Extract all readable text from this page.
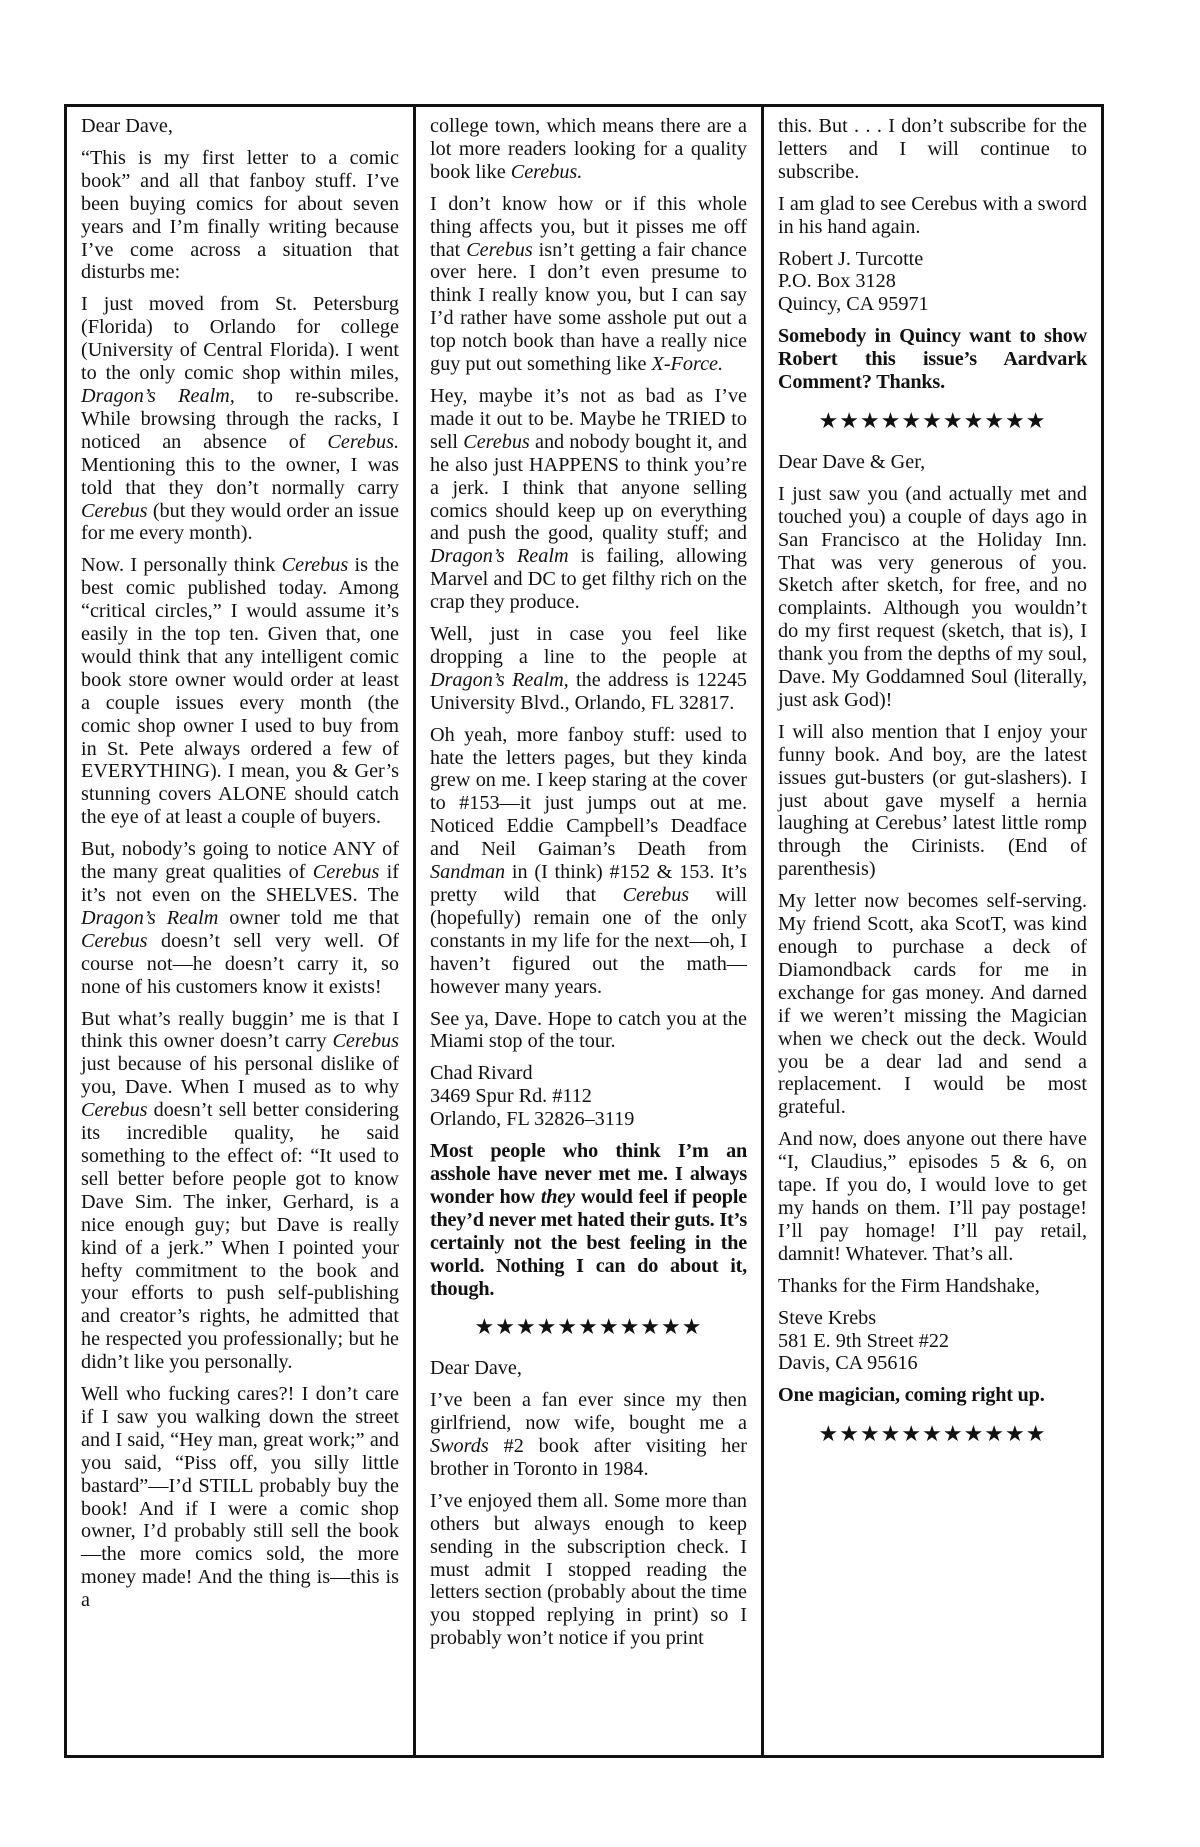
Dear Dave,

“This is my first letter to a comic book” and all that fanboy stuff. I’ve been buying comics for about seven years and I’m finally writing because I’ve come across a situation that disturbs me:

I just moved from St. Petersburg (Florida) to Orlando for college (University of Central Florida). I went to the only comic shop within miles, Dragon’s Realm, to re-subscribe. While browsing through the racks, I noticed an absence of Cerebus. Mentioning this to the owner, I was told that they don’t normally carry Cerebus (but they would order an issue for me every month).

Now. I personally think Cerebus is the best comic published today. Among “critical circles,” I would assume it’s easily in the top ten. Given that, one would think that any intelligent comic book store owner would order at least a couple issues every month (the comic shop owner I used to buy from in St. Pete always ordered a few of EVERYTHING). I mean, you & Ger’s stunning covers ALONE should catch the eye of at least a couple of buyers.

But, nobody’s going to notice ANY of the many great qualities of Cerebus if it’s not even on the SHELVES. The Dragon’s Realm owner told me that Cerebus doesn’t sell very well. Of course not—he doesn’t carry it, so none of his customers know it exists!

But what’s really buggin’ me is that I think this owner doesn’t carry Cerebus just because of his personal dislike of you, Dave. When I mused as to why Cerebus doesn’t sell better considering its incredible quality, he said something to the effect of: “It used to sell better before people got to know Dave Sim. The inker, Gerhard, is a nice enough guy; but Dave is really kind of a jerk.” When I pointed your hefty commitment to the book and your efforts to push self-publishing and creator’s rights, he admitted that he respected you professionally; but he didn’t like you personally.

Well who fucking cares?! I don’t care if I saw you walking down the street and I said, “Hey man, great work;” and you said, “Piss off, you silly little bastard”—I’d STILL probably buy the book! And if I were a comic shop owner, I’d probably still sell the book—the more comics sold, the more money made! And the thing is—this is a

college town, which means there are a lot more readers looking for a quality book like Cerebus.

I don’t know how or if this whole thing affects you, but it pisses me off that Cerebus isn’t getting a fair chance over here. I don’t even presume to think I really know you, but I can say I’d rather have some asshole put out a top notch book than have a really nice guy put out something like X-Force.

Hey, maybe it’s not as bad as I’ve made it out to be. Maybe he TRIED to sell Cerebus and nobody bought it, and he also just HAPPENS to think you’re a jerk. I think that anyone selling comics should keep up on everything and push the good, quality stuff; and Dragon’s Realm is failing, allowing Marvel and DC to get filthy rich on the crap they produce.

Well, just in case you feel like dropping a line to the people at Dragon’s Realm, the address is 12245 University Blvd., Orlando, FL 32817.

Oh yeah, more fanboy stuff: used to hate the letters pages, but they kinda grew on me. I keep staring at the cover to #153—it just jumps out at me. Noticed Eddie Campbell’s Deadface and Neil Gaiman’s Death from Sandman in (I think) #152 & 153. It’s pretty wild that Cerebus will (hopefully) remain one of the only constants in my life for the next—oh, I haven’t figured out the math—however many years.

See ya, Dave. Hope to catch you at the Miami stop of the tour.

Chad Rivard
3469 Spur Rd. #112
Orlando, FL 32826–3119

Most people who think I’m an asshole have never met me. I always wonder how they would feel if people they’d never met hated their guts. It’s certainly not the best feeling in the world. Nothing I can do about it, though.

★★★★★★★★★★★

Dear Dave,

I’ve been a fan ever since my then girlfriend, now wife, bought me a Swords #2 book after visiting her brother in Toronto in 1984.

I’ve enjoyed them all. Some more than others but always enough to keep sending in the subscription check. I must admit I stopped reading the letters section (probably about the time you stopped replying in print) so I probably won’t notice if you print

this. But . . . I don’t subscribe for the letters and I will continue to subscribe.

I am glad to see Cerebus with a sword in his hand again.

Robert J. Turcotte
P.O. Box 3128
Quincy, CA 95971

Somebody in Quincy want to show Robert this issue’s Aardvark Comment? Thanks.

★★★★★★★★★★★

Dear Dave & Ger,

I just saw you (and actually met and touched you) a couple of days ago in San Francisco at the Holiday Inn. That was very generous of you. Sketch after sketch, for free, and no complaints. Although you wouldn’t do my first request (sketch, that is), I thank you from the depths of my soul, Dave. My Goddamned Soul (literally, just ask God)!

I will also mention that I enjoy your funny book. And boy, are the latest issues gut-busters (or gut-slashers). I just about gave myself a hernia laughing at Cerebus’ latest little romp through the Cirinists. (End of parenthesis)

My letter now becomes self-serving. My friend Scott, aka ScotT, was kind enough to purchase a deck of Diamondback cards for me in exchange for gas money. And darned if we weren’t missing the Magician when we check out the deck. Would you be a dear lad and send a replacement. I would be most grateful.

And now, does anyone out there have “I, Claudius,” episodes 5 & 6, on tape. If you do, I would love to get my hands on them. I’ll pay postage! I’ll pay homage! I’ll pay retail, damnit! Whatever. That’s all.

Thanks for the Firm Handshake,

Steve Krebs
581 E. 9th Street #22
Davis, CA 95616

One magician, coming right up.

★★★★★★★★★★★
